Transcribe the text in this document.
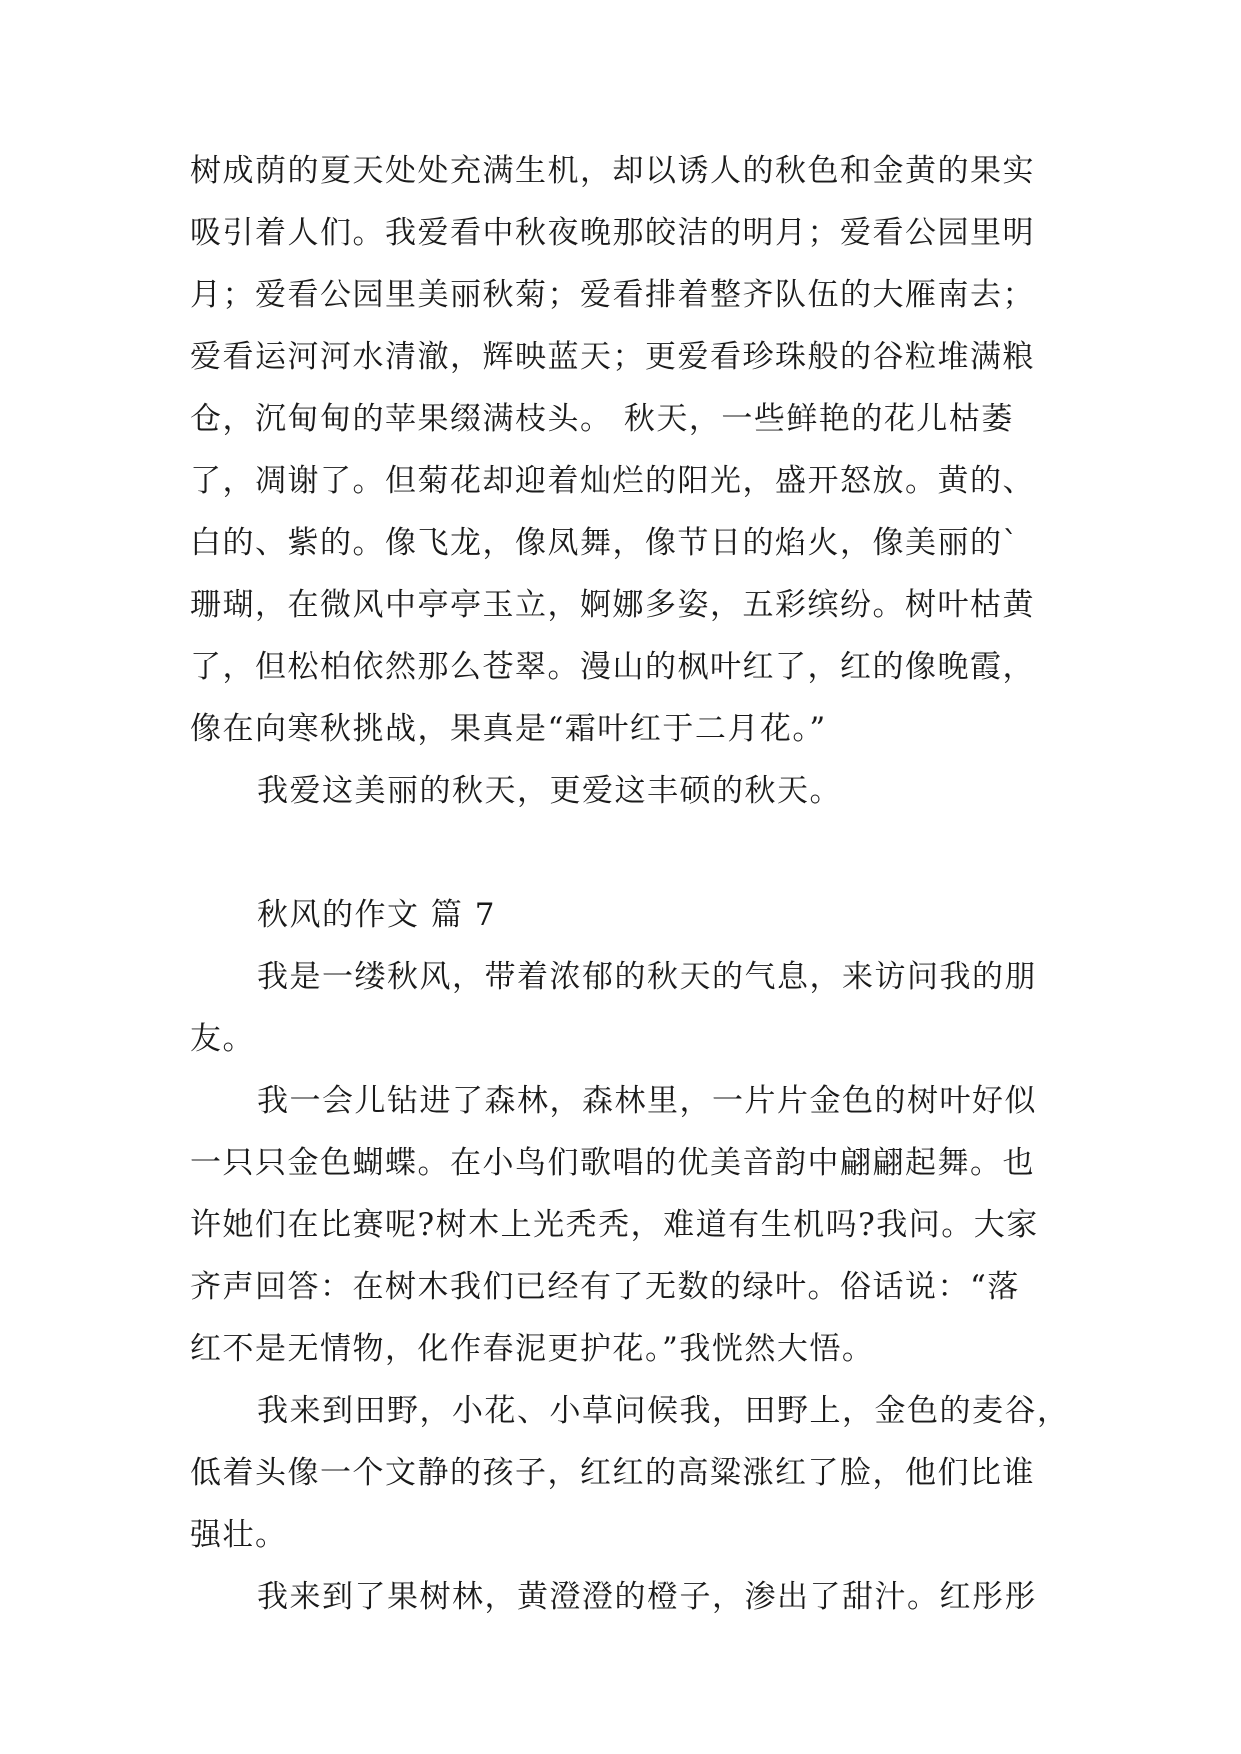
树成荫的夏天处处充满生机，却以诱人的秋色和金黄的果实
吸引着人们。我爱看中秋夜晚那皎洁的明月；爱看公园里明
月；爱看公园里美丽秋菊；爱看排着整齐队伍的大雁南去；
爱看运河河水清澈，辉映蓝天；更爱看珍珠般的谷粒堆满粮
仓，沉甸甸的苹果缀满枝头。 秋天，一些鲜艳的花儿枯萎
了，凋谢了。但菊花却迎着灿烂的阳光，盛开怒放。黄的、
白的、紫的。像飞龙，像凤舞，像节日的焰火，像美丽的`
珊瑚，在微风中亭亭玉立，婀娜多姿，五彩缤纷。树叶枯黄
了，但松柏依然那么苍翠。漫山的枫叶红了，红的像晚霞，
像在向寒秋挑战，果真是“霜叶红于二月花。”
我爱这美丽的秋天，更爱这丰硕的秋天。
秋风的作文 篇 7
我是一缕秋风，带着浓郁的秋天的气息，来访问我的朋
友。
我一会儿钻进了森林，森林里，一片片金色的树叶好似
一只只金色蝴蝶。在小鸟们歌唱的优美音韵中翩翩起舞。也
许她们在比赛呢?树木上光秃秃，难道有生机吗?我问。大家
齐声回答：在树木我们已经有了无数的绿叶。俗话说：“落
红不是无情物，化作春泥更护花。”我恍然大悟。
我来到田野，小花、小草问候我，田野上，金色的麦谷，
低着头像一个文静的孩子，红红的高粱涨红了脸，他们比谁
强壮。
我来到了果树林，黄澄澄的橙子，渗出了甜汁。红彤彤
